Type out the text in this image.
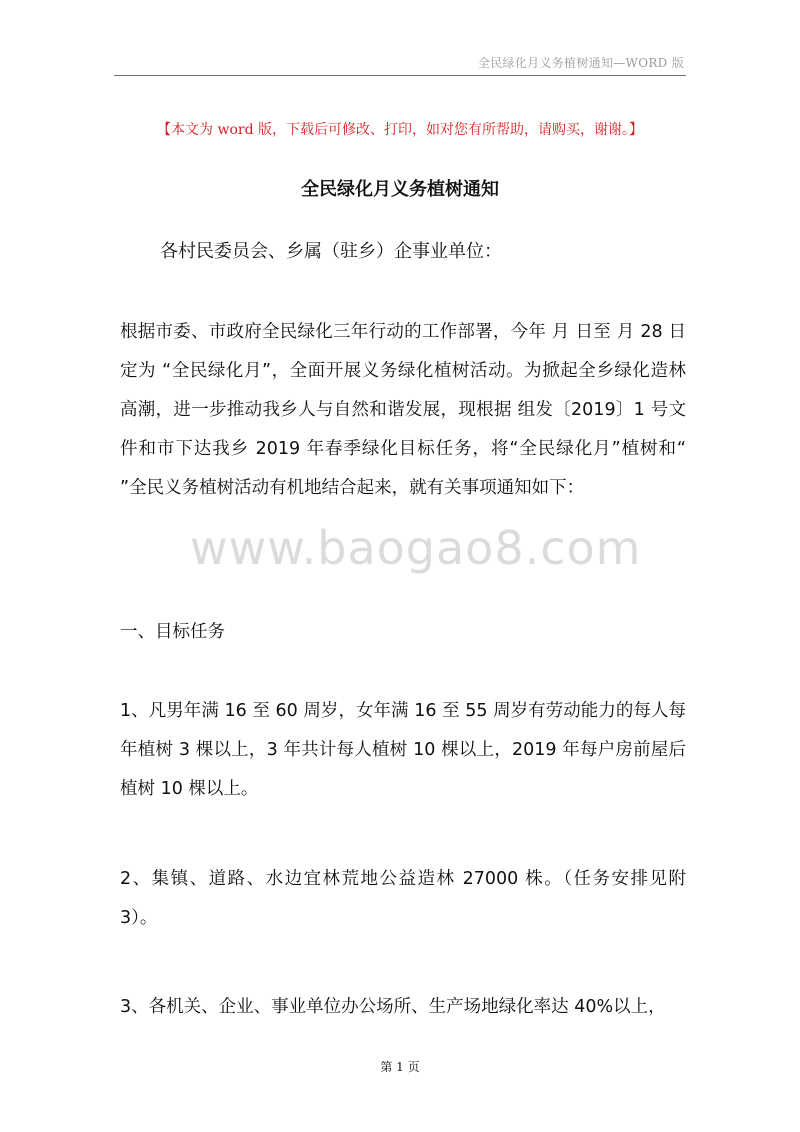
全民绿化月义务植树通知—WORD 版
【本文为 word 版，下载后可修改、打印，如对您有所帮助，请购买，谢谢。】
全民绿化月义务植树通知
各村民委员会、乡属（驻乡）企事业单位：
根据市委、市政府全民绿化三年行动的工作部署，今年 月 日至 月 28 日定为 “全民绿化月”，全面开展义务绿化植树活动。为掀起全乡绿化造林高潮，进一步推动我乡人与自然和谐发展，现根据 组发〔2019〕1 号文件和市下达我乡 2019 年春季绿化目标任务，将“全民绿化月”植树和“ ”全民义务植树活动有机地结合起来，就有关事项通知如下：
一、目标任务
1、凡男年满 16 至 60 周岁，女年满 16 至 55 周岁有劳动能力的每人每年植树 3 棵以上，3 年共计每人植树 10 棵以上，2019 年每户房前屋后植树 10 棵以上。
2、集镇、道路、水边宜林荒地公益造林 27000 株。（任务安排见附 3）。
3、各机关、企业、事业单位办公场所、生产场地绿化率达 40%以上，
www.baogao8.com
第 1 页
